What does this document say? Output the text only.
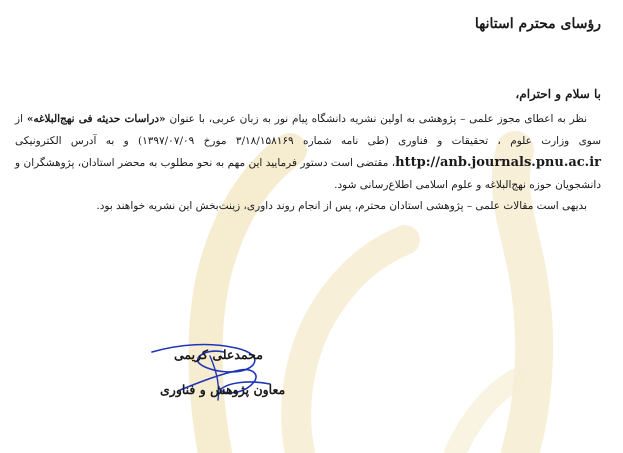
رؤسای محترم استانها
با سلام و احترام،

نظر به اعطای مجوز علمی – پژوهشی به اولین نشریه دانشگاه پیام نور به زبان عربی، با عنوان «دراسات حدیثه فی نهج‌البلاغه» از سوی وزارت علوم ، تحقیقات و فناوری (طی نامه شماره ۳/۱۸/۱۵۸۱۶۹ مورخ ۱۳۹۷/۰۷/۰۹) و به آدرس الکترونیکی http://anb.journals.pnu.ac.ir، مقتضی است دستور فرمایید این مهم به نحو مطلوب به محضر استادان، پژوهشگران و دانشجویان حوزه نهج‌البلاغه و علوم اسلامی اطلاع‌رسانی شود.

بدیهی است مقالات علمی – پژوهشی استادان محترم، پس از انجام روند داوری، زینت‌بخش این نشریه خواهند بود.

محمدعلی کریمی
معاون پژوهش و فناوری
